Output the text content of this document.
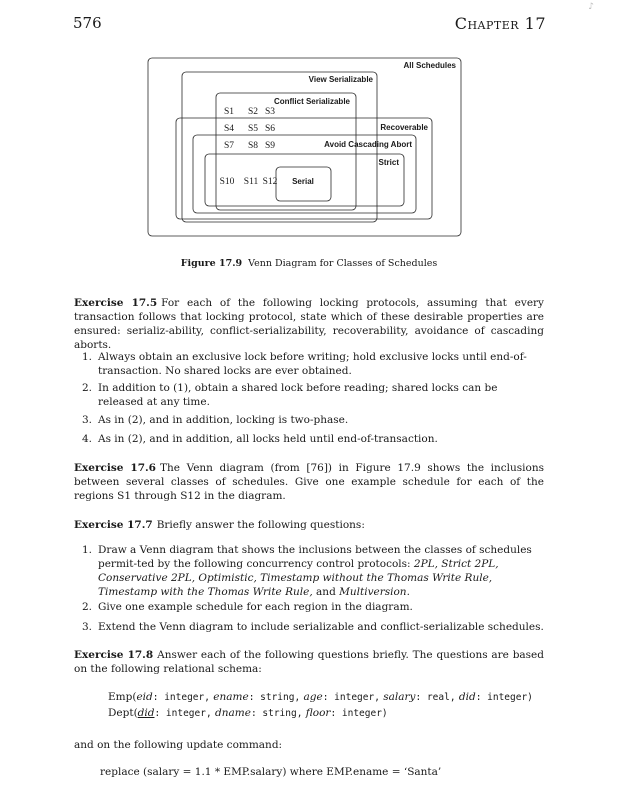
576	Chapter 17
♪
All Schedules
View Serializable
Conflict Serializable
Recoverable
Avoid Cascading Abort
Strict
Serial
S1 S2 S3
S4 S5 S6
S7 S8 S9
S10 S11 S12
Figure 17.9 Venn Diagram for Classes of Schedules
Exercise 17.5 For each of the following locking protocols, assuming that every transaction follows that locking protocol, state which of these desirable properties are ensured: serializ-ability, conflict-serializability, recoverability, avoidance of cascading aborts.
1. Always obtain an exclusive lock before writing; hold exclusive locks until end-of-transaction. No shared locks are ever obtained.
2. In addition to (1), obtain a shared lock before reading; shared locks can be released at any time.
3. As in (2), and in addition, locking is two-phase.
4. As in (2), and in addition, all locks held until end-of-transaction.
Exercise 17.6 The Venn diagram (from [76]) in Figure 17.9 shows the inclusions between several classes of schedules. Give one example schedule for each of the regions S1 through S12 in the diagram.
Exercise 17.7 Briefly answer the following questions:
1. Draw a Venn diagram that shows the inclusions between the classes of schedules permit-ted by the following concurrency control protocols: 2PL, Strict 2PL, Conservative 2PL, Optimistic, Timestamp without the Thomas Write Rule, Timestamp with the Thomas Write Rule, and Multiversion.
2. Give one example schedule for each region in the diagram.
3. Extend the Venn diagram to include serializable and conflict-serializable schedules.
Exercise 17.8 Answer each of the following questions briefly. The questions are based on the following relational schema:
Emp(eid: integer, ename: string, age: integer, salary: real, did: integer)
Dept(did: integer, dname: string, floor: integer)
and on the following update command:
replace (salary = 1.1 * EMP.salary) where EMP.ename = ‘Santa’
